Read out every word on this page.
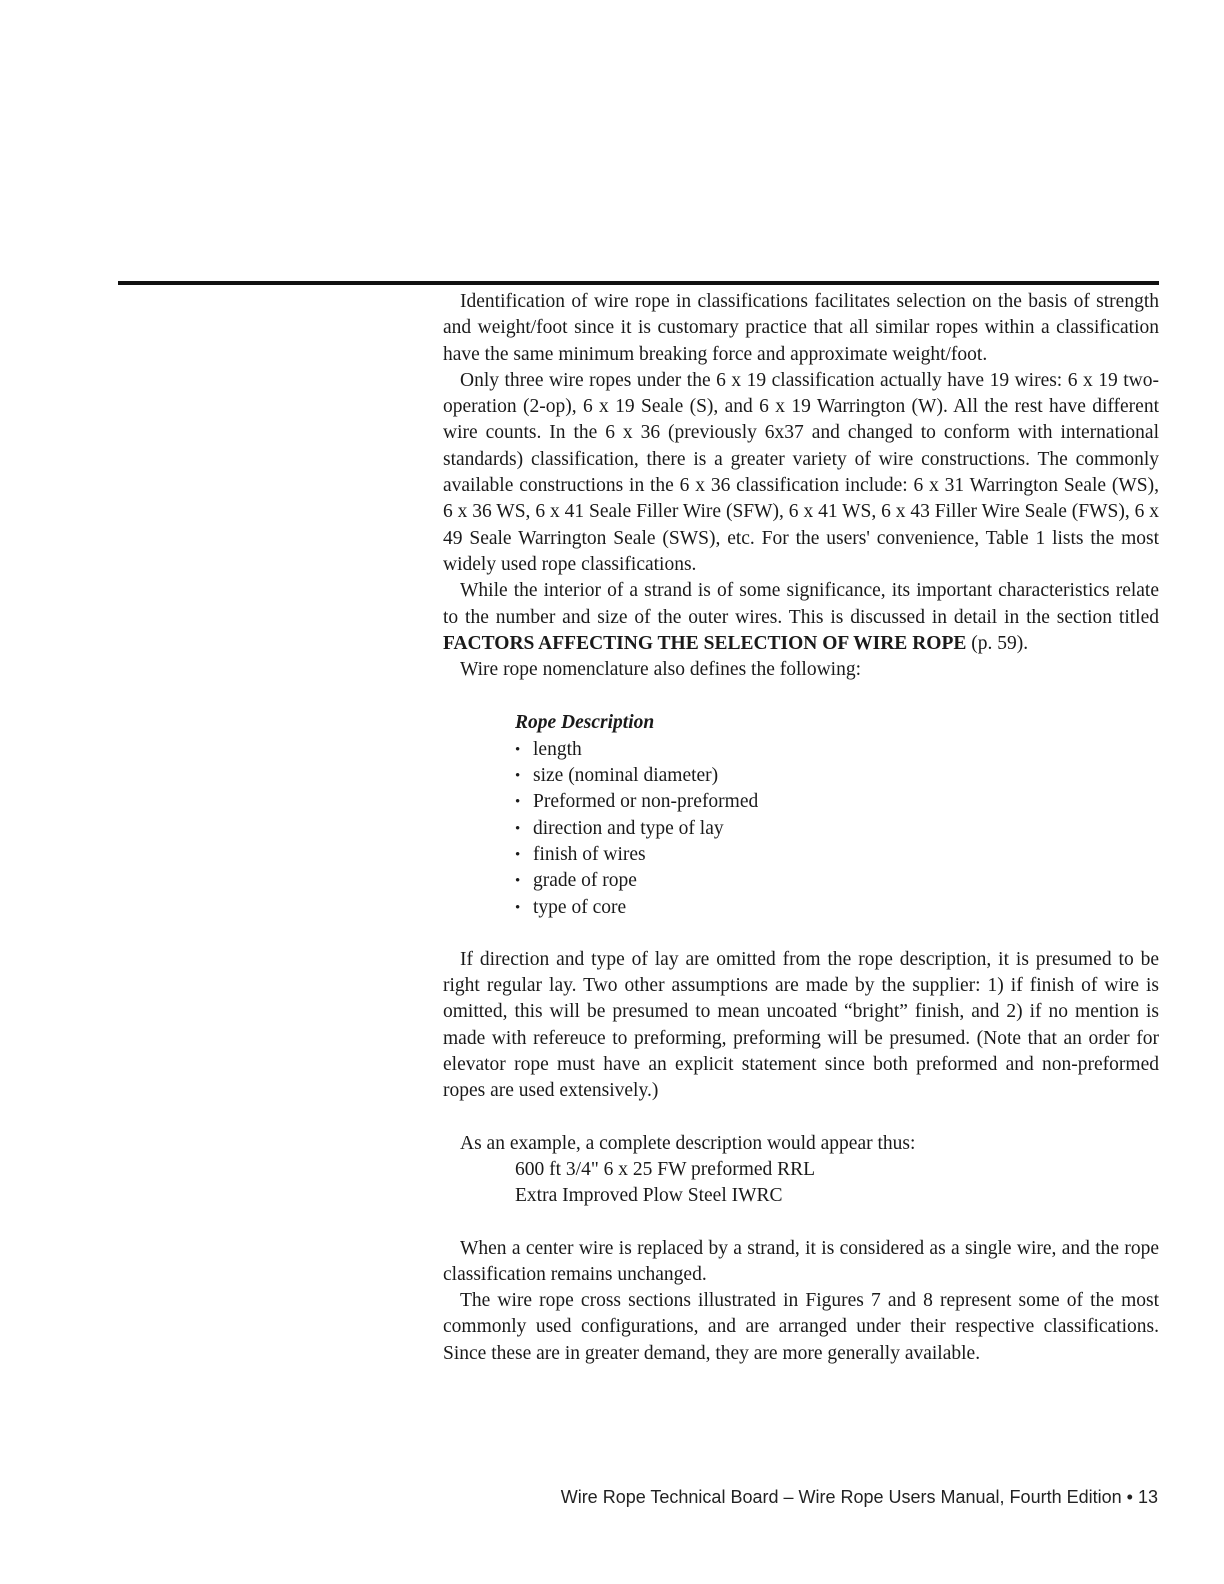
Identification of wire rope in classifications facilitates selection on the basis of strength and weight/foot since it is customary practice that all similar ropes within a classification have the same minimum breaking force and approximate weight/foot.

Only three wire ropes under the 6 x 19 classification actually have 19 wires: 6 x 19 two-operation (2-op), 6 x 19 Seale (S), and 6 x 19 Warrington (W). All the rest have different wire counts. In the 6 x 36 (previously 6x37 and changed to conform with international standards) classification, there is a greater variety of wire constructions. The commonly available constructions in the 6 x 36 classification include: 6 x 31 Warrington Seale (WS), 6 x 36 WS, 6 x 41 Seale Filler Wire (SFW), 6 x 41 WS, 6 x 43 Filler Wire Seale (FWS), 6 x 49 Seale Warrington Seale (SWS), etc. For the users' convenience, Table 1 lists the most widely used rope classifications.

While the interior of a strand is of some significance, its important characteristics relate to the number and size of the outer wires. This is discussed in detail in the section titled FACTORS AFFECTING THE SELECTION OF WIRE ROPE (p. 59).

Wire rope nomenclature also defines the following:

Rope Description

• length
• size (nominal diameter)
• Preformed or non-preformed
• direction and type of lay
• finish of wires
• grade of rope
• type of core

If direction and type of lay are omitted from the rope description, it is presumed to be right regular lay. Two other assumptions are made by the supplier: 1) if finish of wire is omitted, this will be presumed to mean uncoated “bright” finish, and 2) if no mention is made with refereuce to preforming, preforming will be presumed. (Note that an order for elevator rope must have an explicit statement since both preformed and non-preformed ropes are used extensively.)

As an example, a complete description would appear thus:

600 ft 3/4" 6 x 25 FW preformed RRL

Extra Improved Plow Steel IWRC

When a center wire is replaced by a strand, it is considered as a single wire, and the rope classification remains unchanged.

The wire rope cross sections illustrated in Figures 7 and 8 represent some of the most commonly used configurations, and are arranged under their respective classifications. Since these are in greater demand, they are more generally available.

Wire Rope Technical Board – Wire Rope Users Manual, Fourth Edition • 13
